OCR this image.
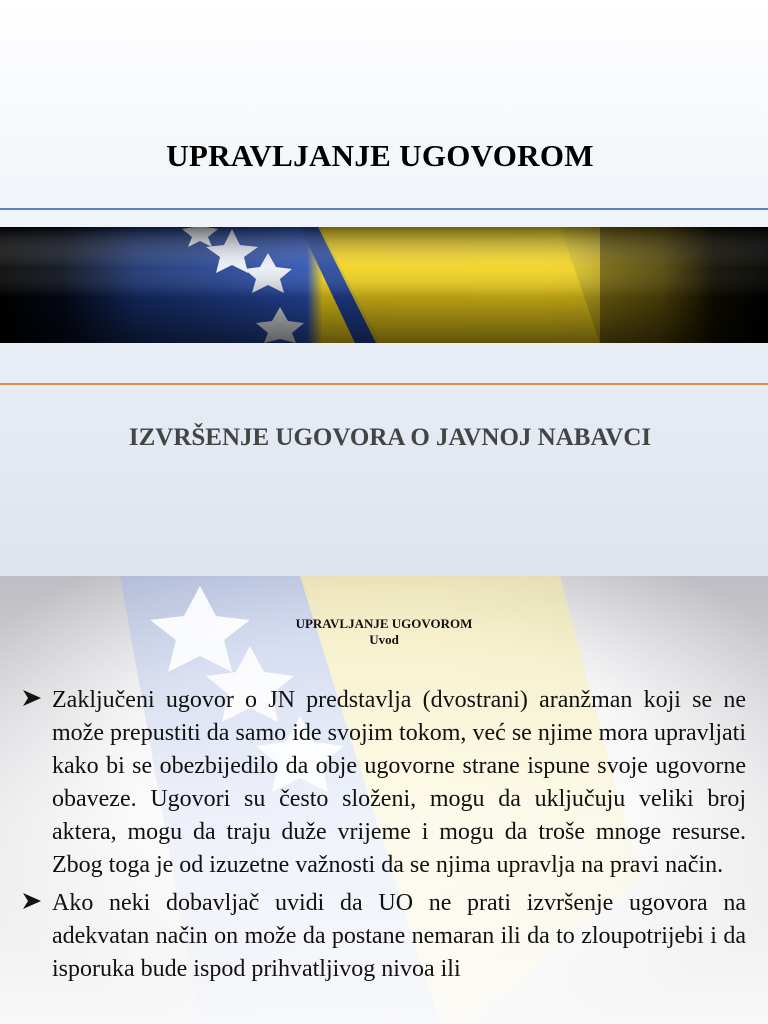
UPRAVLJANJE UGOVOROM
IZVRŠENJE UGOVORA O JAVNOJ NABAVCI
UPRAVLJANJE UGOVOROM
Uvod
Zaključeni ugovor o JN predstavlja (dvostrani) aranžman koji se ne može prepustiti da samo ide svojim tokom, već se njime mora upravljati kako bi se obezbijedilo da obje ugovorne strane ispune svoje ugovorne obaveze. Ugovori su često složeni, mogu da uključuju veliki broj aktera, mogu da traju duže vrijeme i mogu da troše mnoge resurse. Zbog toga je od izuzetne važnosti da se njima upravlja na pravi način.
Ako neki dobavljač uvidi da UO ne prati izvršenje ugovora na adekvatan način on može da postane nemaran ili da to zloupotrijebi i da isporuka bude ispod prihvatljivog nivoa ili
